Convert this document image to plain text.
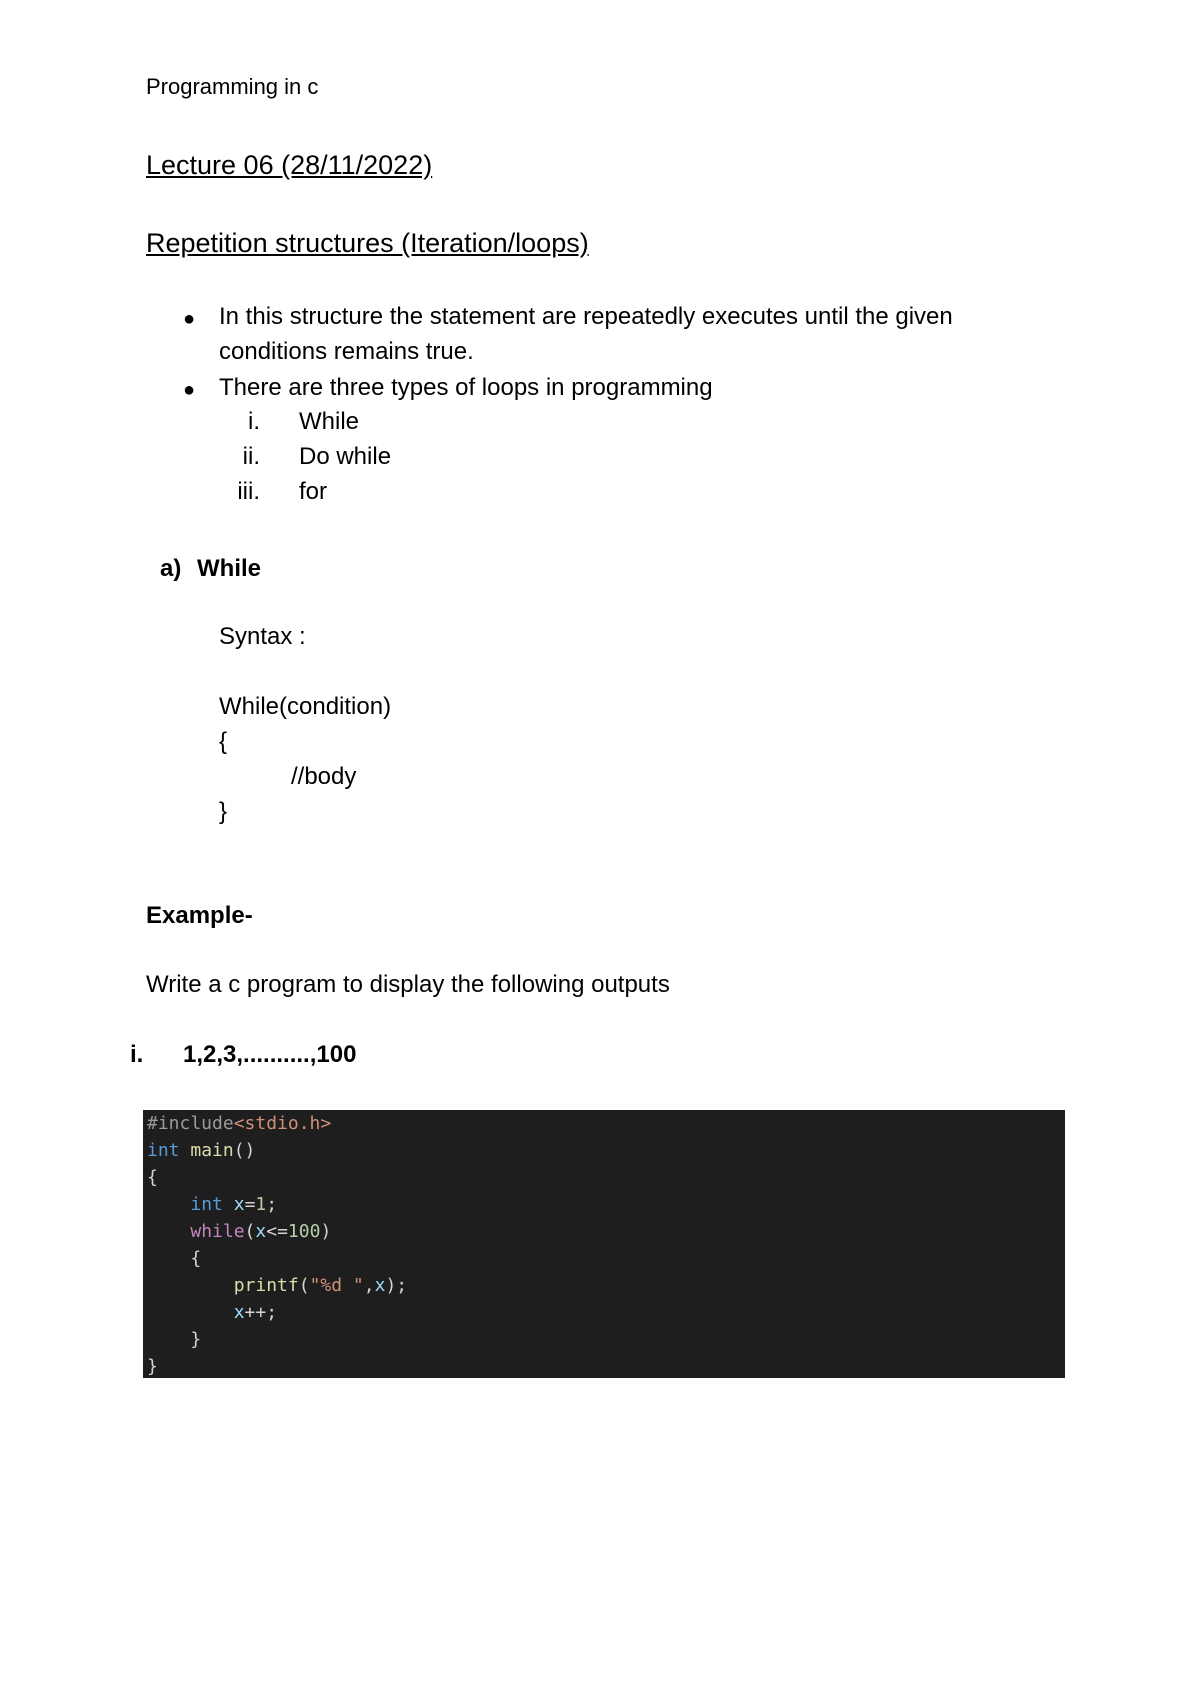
Programming in c
Lecture 06 (28/11/2022)
Repetition structures (Iteration/loops)
● In this structure the statement are repeatedly executes until the given
conditions remains true.
● There are three types of loops in programming
i. While
ii. Do while
iii. for
a) While
Syntax :
While(condition)
{
//body
}
Example-
Write a c program to display the following outputs
i. 1,2,3,..........,100
#include<stdio.h>
int main()
{
int x=1;
while(x<=100)
{
printf("%d ",x);
x++;
}
}
